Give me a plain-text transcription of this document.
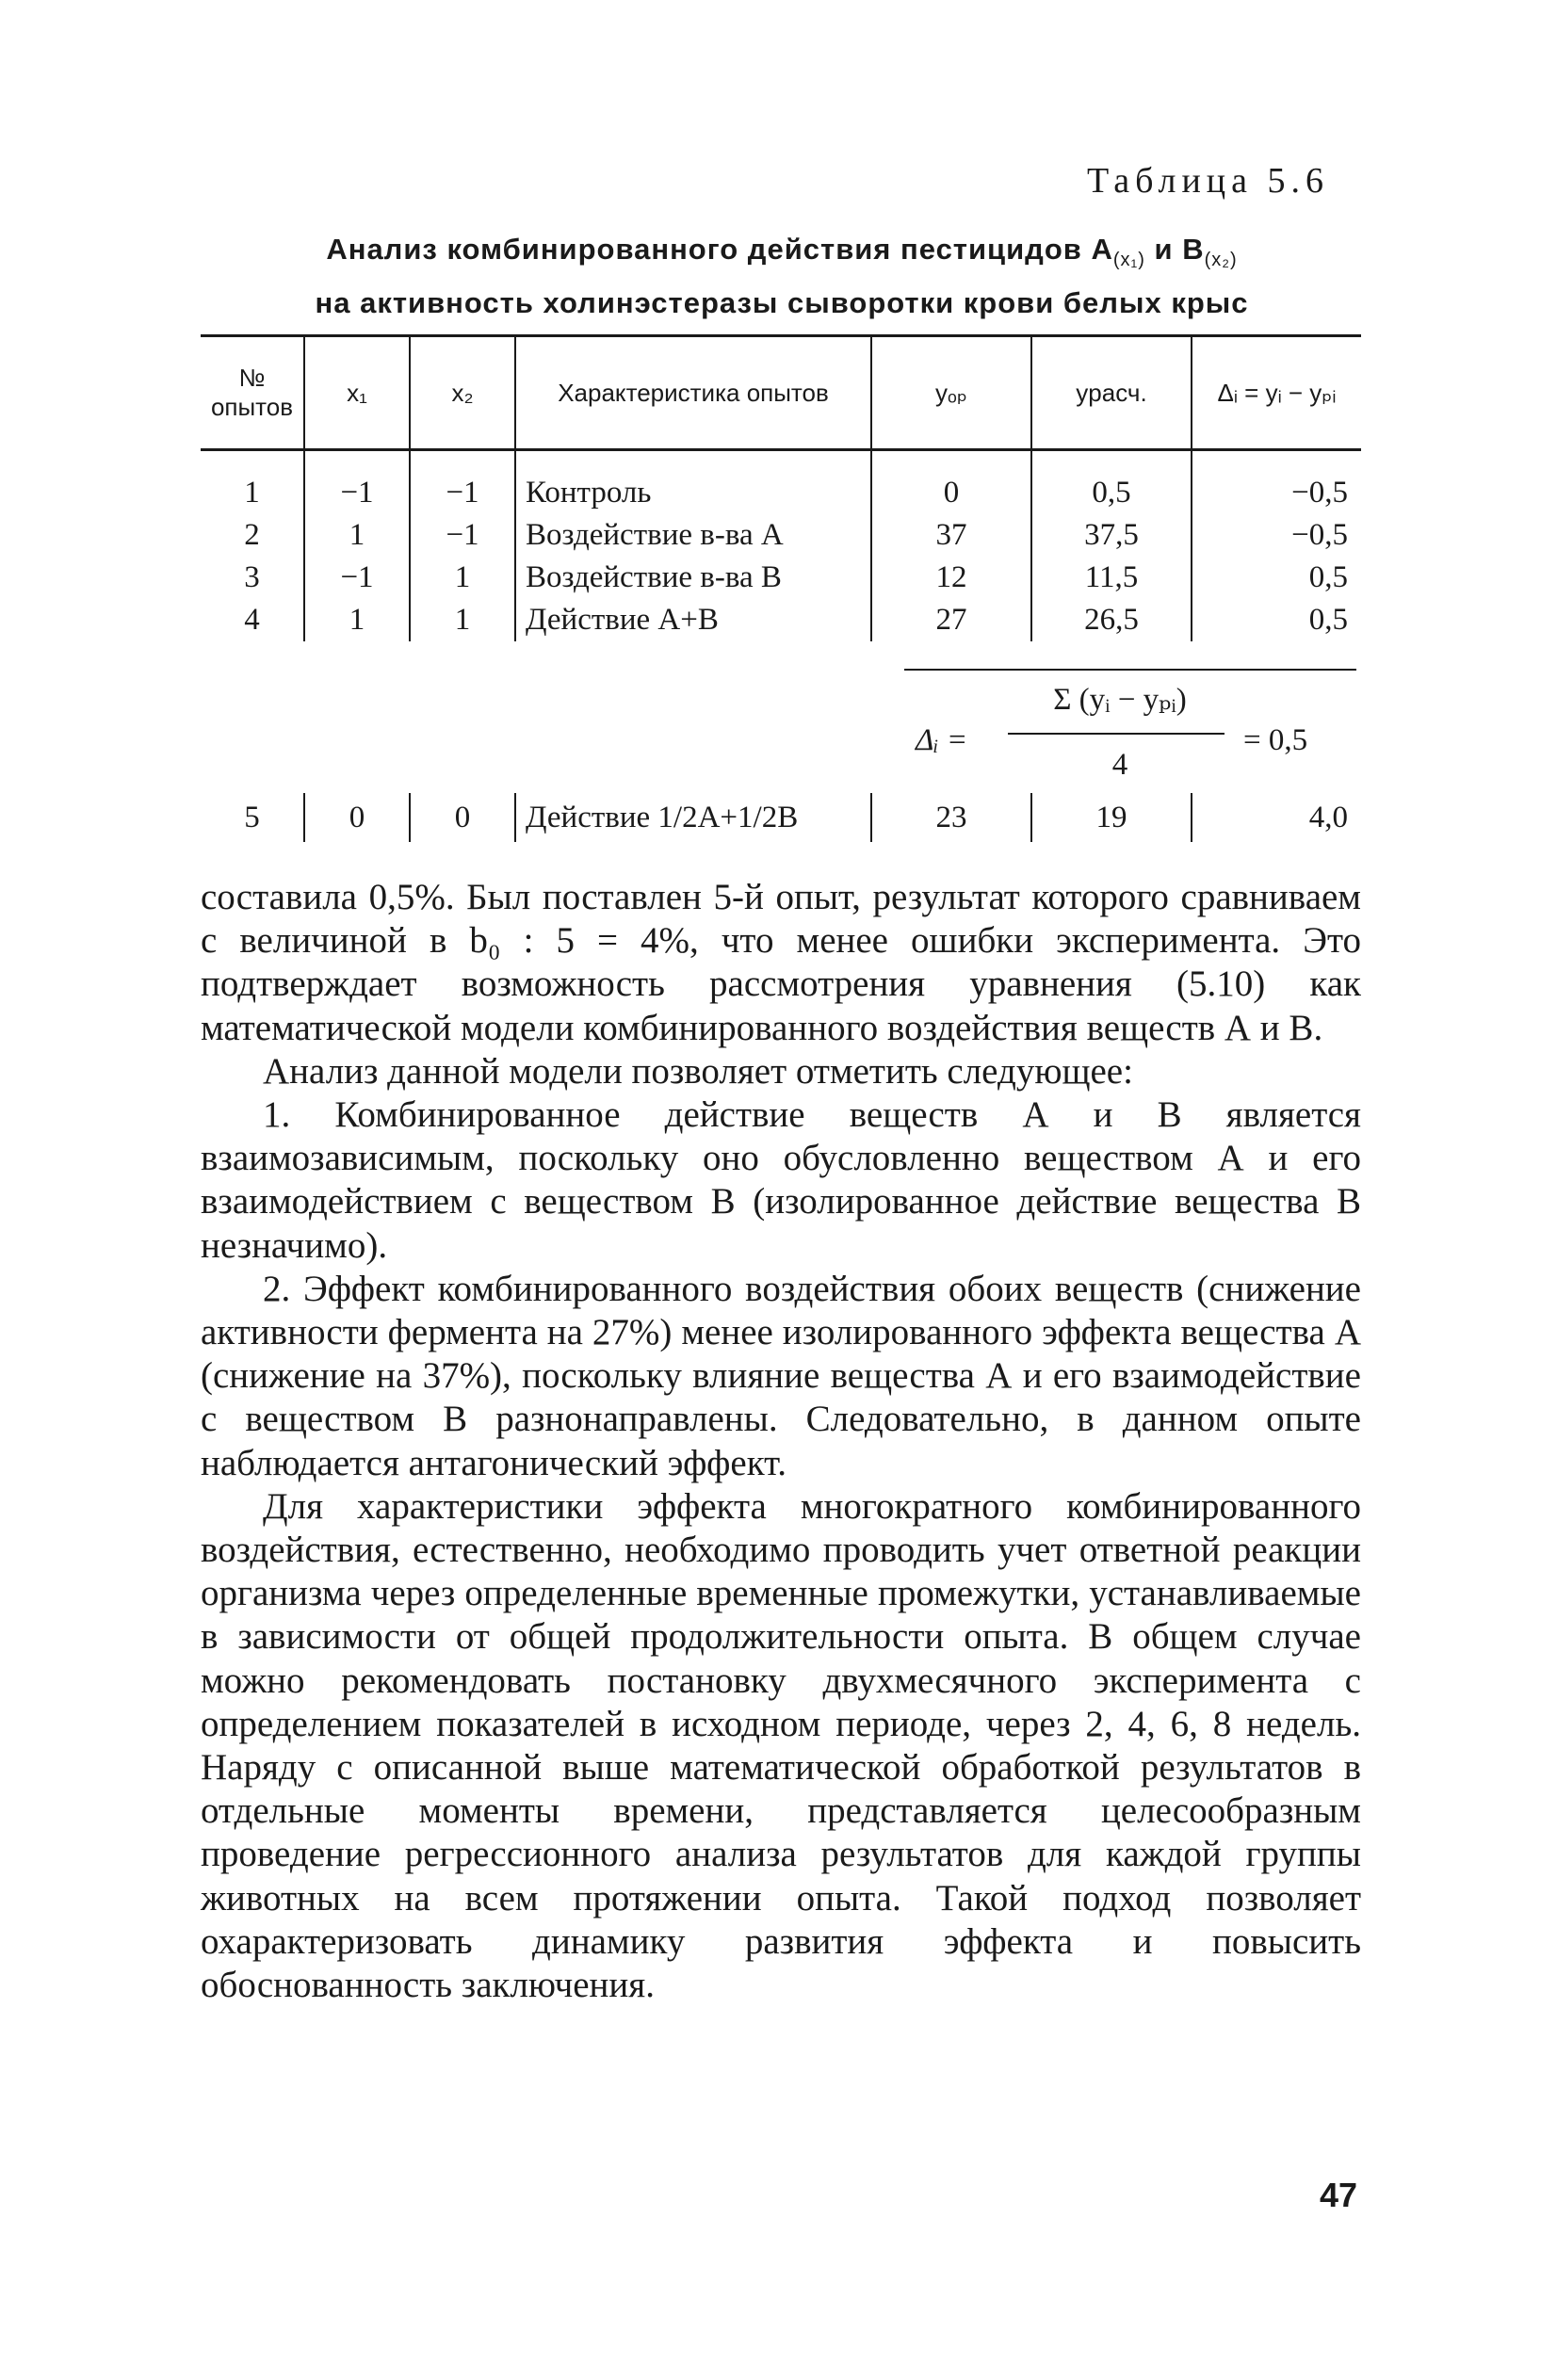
Таблица 5.6
Анализ комбинированного действия пестицидов $A_{(x_1)}$ и $B_{(x_2)}$
на активность холинэстеразы сыворотки крови белых крыс
№ опытов	x₁	x₂	Характеристика опытов	yₒₚ	yрасч.	Δᵢ = yᵢ − yₚᵢ
1	−1	−1	Контроль	0	0,5	−0,5
2	1	−1	Воздействие в-ва А	37	37,5	−0,5
3	−1	1	Воздействие в-ва В	12	11,5	0,5
4	1	1	Действие А+В	27	26,5	0,5
Δᵢ =
Σ (yᵢ − yₚᵢ)
4
= 0,5
5	0	0	Действие 1/2А+1/2В	23	19	4,0

составила 0,5%. Был поставлен 5-й опыт, результат которого сравниваем с величиной в b₀ : 5 = 4%, что менее ошибки эксперимента. Это подтверждает возможность рассмотрения уравнения (5.10) как математической модели комбинированного воздействия веществ А и В.

Анализ данной модели позволяет отметить следующее:

1. Комбинированное действие веществ А и В является взаимозависимым, поскольку оно обусловленно веществом А и его взаимодействием с веществом В (изолированное действие вещества В незначимо).

2. Эффект комбинированного воздействия обоих веществ (снижение активности фермента на 27%) менее изолированного эффекта вещества А (снижение на 37%), поскольку влияние вещества А и его взаимодействие с веществом В разнонаправлены. Следовательно, в данном опыте наблюдается антагонический эффект.

Для характеристики эффекта многократного комбинированного воздействия, естественно, необходимо проводить учет ответной реакции организма через определенные временные промежутки, устанавливаемые в зависимости от общей продолжительности опыта. В общем случае можно рекомендовать постановку двухмесячного эксперимента с определением показателей в исходном периоде, через 2, 4, 6, 8 недель. Наряду с описанной выше математической обработкой результатов в отдельные моменты времени, представляется целесообразным проведение регрессионного анализа результатов для каждой группы животных на всем протяжении опыта. Такой подход позволяет охарактеризовать динамику развития эффекта и повысить обоснованность заключения.

47
